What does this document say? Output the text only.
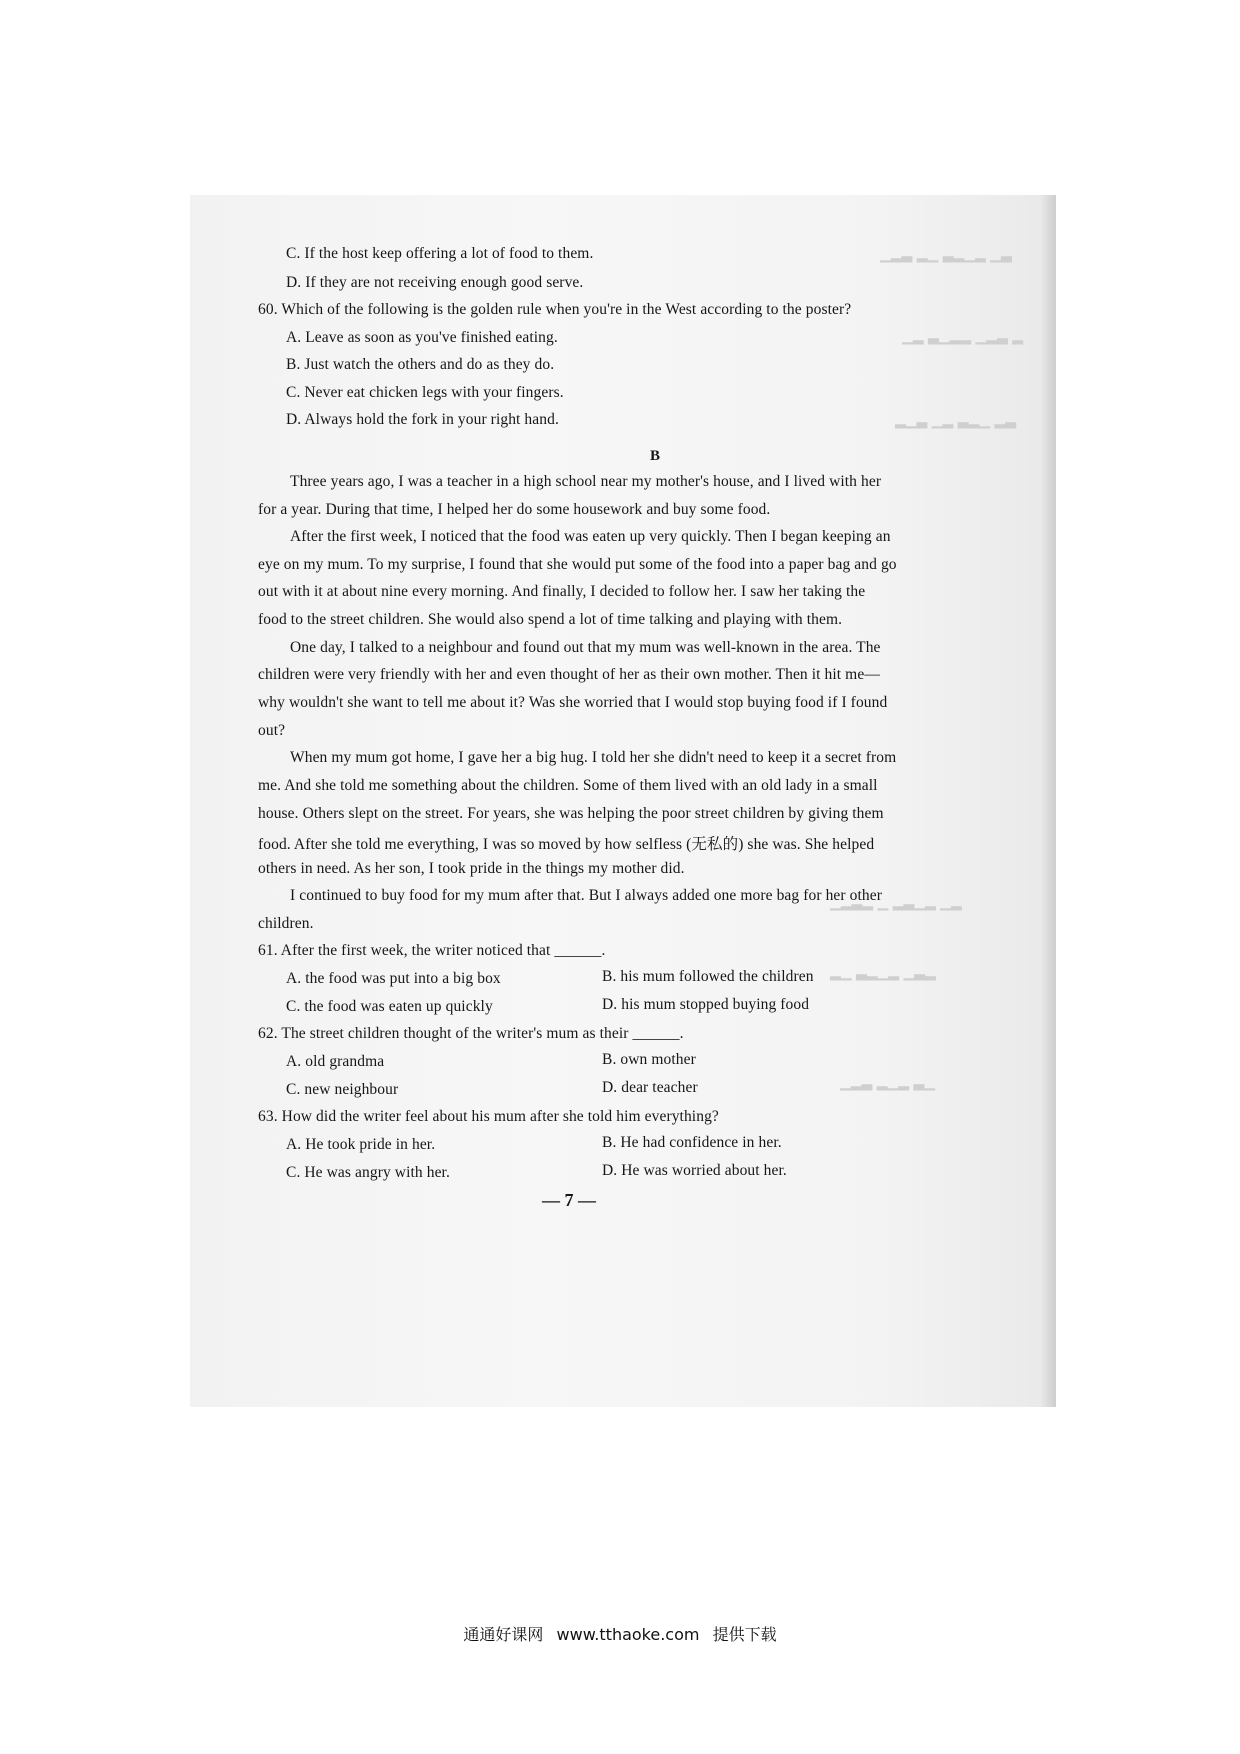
▁▂▃ ▂▁ ▃▂▁▂ ▁▃
▁▂ ▃▁▂▂ ▁▂▃ ▂
▂▁▃ ▁▂ ▃▂▁ ▂▃
▁▂▃▂ ▁ ▂▃▁▂ ▁▂
▂▁ ▃▂▁▂ ▁▃▂
▁▂▃ ▂▁▂ ▃▁
C. If the host keep offering a lot of food to them.
D. If they are not receiving enough good serve.
60. Which of the following is the golden rule when you're in the West according to the poster?
A. Leave as soon as you've finished eating.
B. Just watch the others and do as they do.
C. Never eat chicken legs with your fingers.
D. Always hold the fork in your right hand.
B
Three years ago, I was a teacher in a high school near my mother's house, and I lived with her
for a year. During that time, I helped her do some housework and buy some food.
After the first week, I noticed that the food was eaten up very quickly. Then I began keeping an
eye on my mum. To my surprise, I found that she would put some of the food into a paper bag and go
out with it at about nine every morning. And finally, I decided to follow her. I saw her taking the
food to the street children. She would also spend a lot of time talking and playing with them.
One day, I talked to a neighbour and found out that my mum was well-known in the area. The
children were very friendly with her and even thought of her as their own mother. Then it hit me—
why wouldn't she want to tell me about it? Was she worried that I would stop buying food if I found
out?
When my mum got home, I gave her a big hug. I told her she didn't need to keep it a secret from
me. And she told me something about the children. Some of them lived with an old lady in a small
house. Others slept on the street. For years, she was helping the poor street children by giving them
food. After she told me everything, I was so moved by how selfless (无私的) she was. She helped
others in need. As her son, I took pride in the things my mother did.
I continued to buy food for my mum after that. But I always added one more bag for her other
children.
61. After the first week, the writer noticed that ______.
A. the food was put into a big box	B. his mum followed the children
C. the food was eaten up quickly	D. his mum stopped buying food
62. The street children thought of the writer's mum as their ______.
A. old grandma	B. own mother
C. new neighbour	D. dear teacher
63. How did the writer feel about his mum after she told him everything?
A. He took pride in her.	B. He had confidence in her.
C. He was angry with her.	D. He was worried about her.
— 7 —
通通好课网 www.tthaoke.com 提供下载
